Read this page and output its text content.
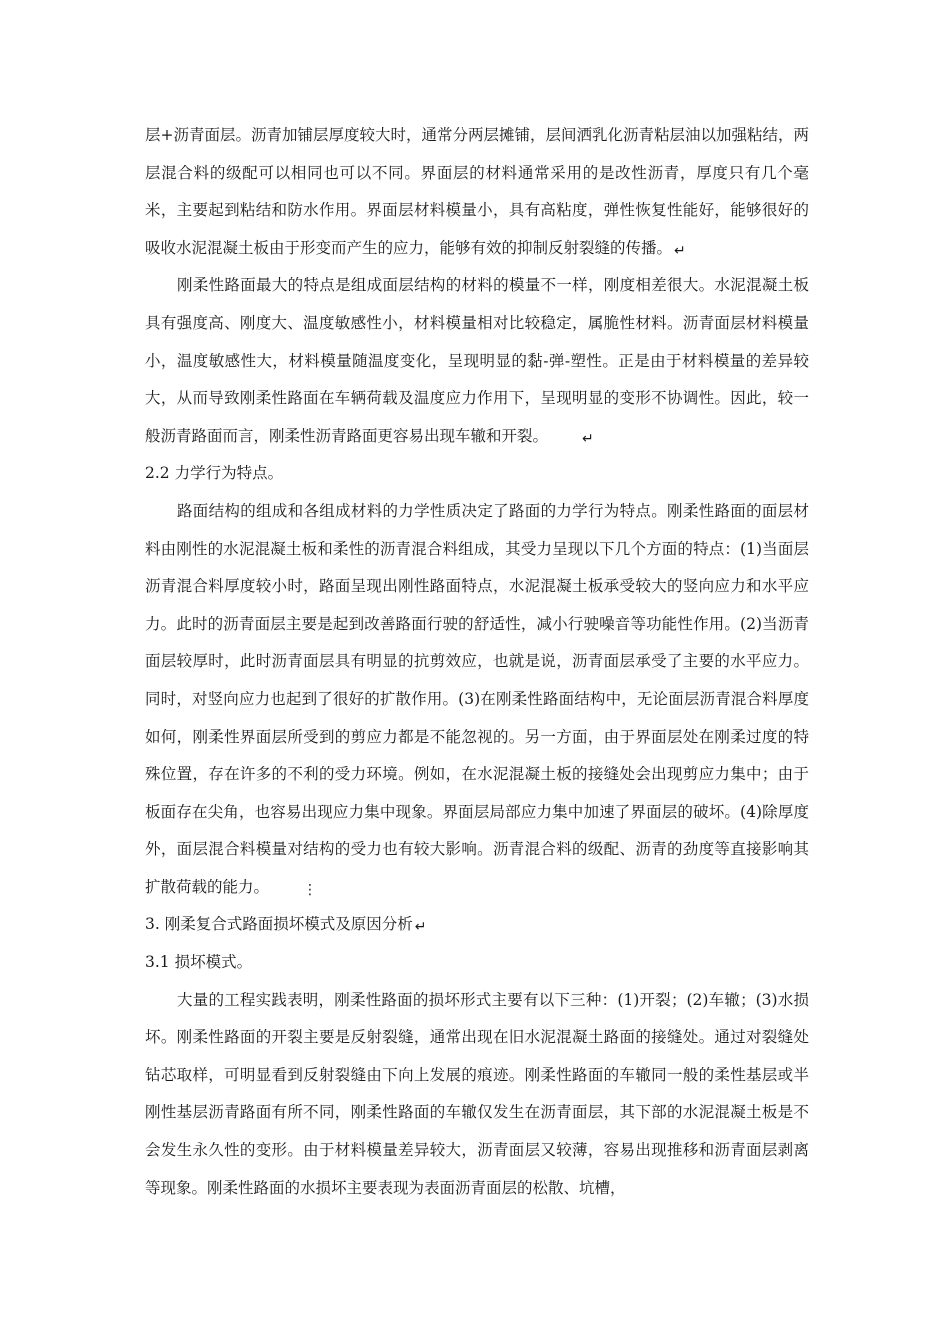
层+沥青面层。沥青加铺层厚度较大时，通常分两层摊铺，层间洒乳化沥青粘层油以加强粘结，两层混合料的级配可以相同也可以不同。界面层的材料通常采用的是改性沥青，厚度只有几个毫米，主要起到粘结和防水作用。界面层材料模量小，具有高粘度，弹性恢复性能好，能够很好的吸收水泥混凝土板由于形变而产生的应力，能够有效的抑制反射裂缝的传播。 ↵

刚柔性路面最大的特点是组成面层结构的材料的模量不一样，刚度相差很大。水泥混凝土板具有强度高、刚度大、温度敏感性小，材料模量相对比较稳定，属脆性材料。沥青面层材料模量小，温度敏感性大，材料模量随温度变化，呈现明显的黏-弹-塑性。正是由于材料模量的差异较大，从而导致刚柔性路面在车辆荷载及温度应力作用下，呈现明显的变形不协调性。因此，较一般沥青路面而言，刚柔性沥青路面更容易出现车辙和开裂。 ↵

2.2 力学行为特点。

路面结构的组成和各组成材料的力学性质决定了路面的力学行为特点。刚柔性路面的面层材料由刚性的水泥混凝土板和柔性的沥青混合料组成，其受力呈现以下几个方面的特点：(1)当面层沥青混合料厚度较小时，路面呈现出刚性路面特点，水泥混凝土板承受较大的竖向应力和水平应力。此时的沥青面层主要是起到改善路面行驶的舒适性，减小行驶噪音等功能性作用。(2)当沥青面层较厚时，此时沥青面层具有明显的抗剪效应，也就是说，沥青面层承受了主要的水平应力。同时，对竖向应力也起到了很好的扩散作用。(3)在刚柔性路面结构中，无论面层沥青混合料厚度如何，刚柔性界面层所受到的剪应力都是不能忽视的。另一方面，由于界面层处在刚柔过度的特殊位置，存在许多的不利的受力环境。例如，在水泥混凝土板的接缝处会出现剪应力集中；由于板面存在尖角，也容易出现应力集中现象。界面层局部应力集中加速了界面层的破坏。(4)除厚度外，面层混合料模量对结构的受力也有较大影响。沥青混合料的级配、沥青的劲度等直接影响其扩散荷载的能力。 ⋮

3. 刚柔复合式路面损坏模式及原因分析 ↵

3.1 损坏模式。

大量的工程实践表明，刚柔性路面的损坏形式主要有以下三种：(1)开裂；(2)车辙；(3)水损坏。刚柔性路面的开裂主要是反射裂缝，通常出现在旧水泥混凝土路面的接缝处。通过对裂缝处钻芯取样，可明显看到反射裂缝由下向上发展的痕迹。刚柔性路面的车辙同一般的柔性基层或半刚性基层沥青路面有所不同，刚柔性路面的车辙仅发生在沥青面层，其下部的水泥混凝土板是不会发生永久性的变形。由于材料模量差异较大，沥青面层又较薄，容易出现推移和沥青面层剥离等现象。刚柔性路面的水损坏主要表现为表面沥青面层的松散、坑槽，
